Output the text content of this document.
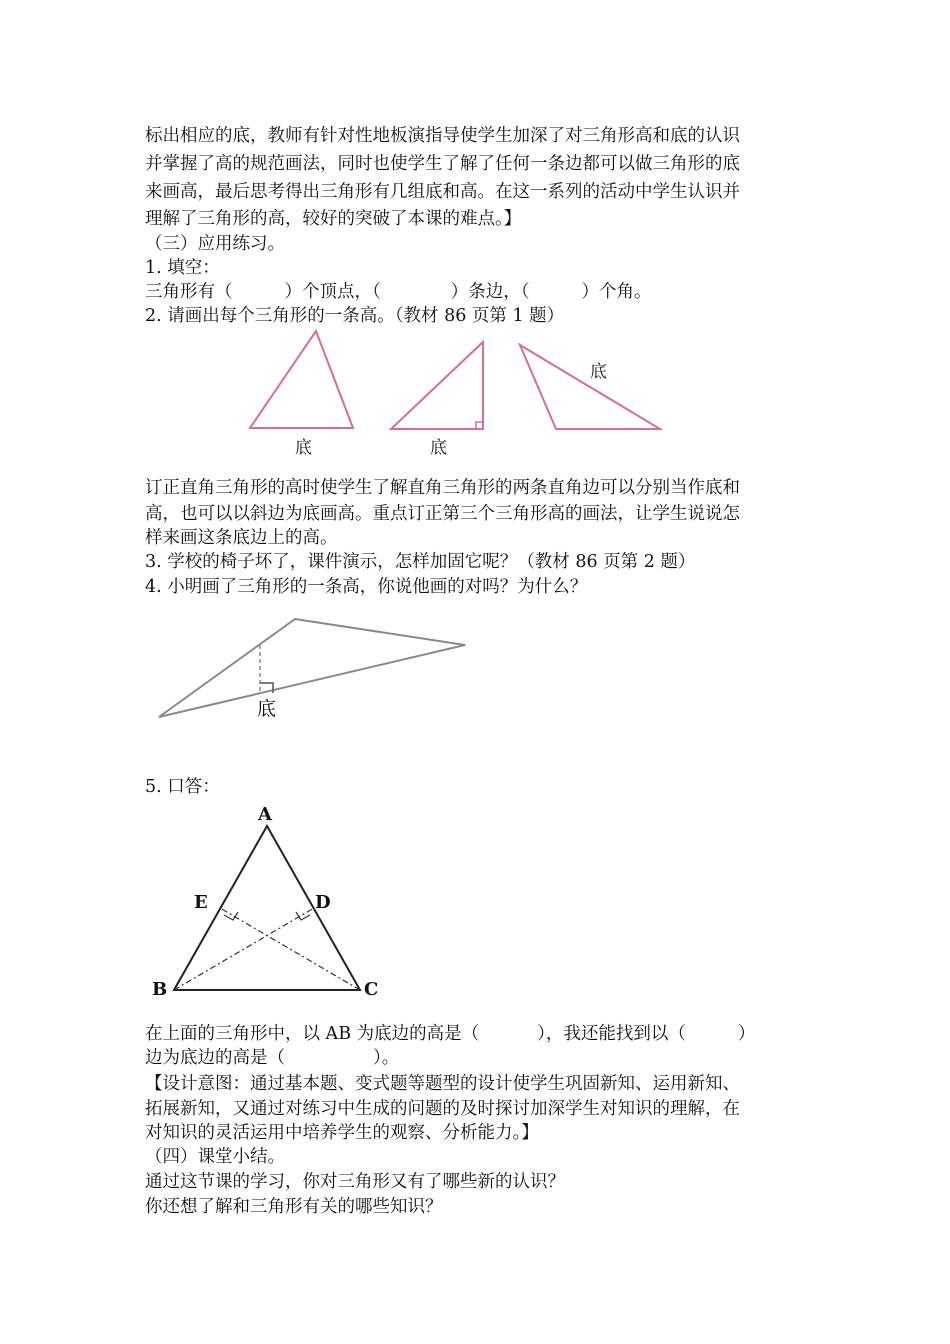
标出相应的底，教师有针对性地板演指导使学生加深了对三角形高和底的认识
并掌握了高的规范画法，同时也使学生了解了任何一条边都可以做三角形的底
来画高，最后思考得出三角形有几组底和高。在这一系列的活动中学生认识并
理解了三角形的高，较好的突破了本课的难点。】
（三）应用练习。
1. 填空：
三角形有（	）个顶点，（	）条边，（	）个角。
2. 请画出每个三角形的一条高。（教材 86 页第 1 题）
底	底
底
订正直角三角形的高时使学生了解直角三角形的两条直角边可以分别当作底和
高，也可以以斜边为底画高。重点订正第三个三角形高的画法，让学生说说怎
样来画这条底边上的高。
3. 学校的椅子坏了，课件演示，怎样加固它呢？（教材 86 页第 2 题）
4. 小明画了三角形的一条高，你说他画的对吗？为什么？
底
5. 口答：
A
B	C
D
E
在上面的三角形中，以 AB 为底边的高是（	），我还能找到以（	）
边为底边的高是（	）。
【设计意图：通过基本题、变式题等题型的设计使学生巩固新知、运用新知、
拓展新知，又通过对练习中生成的问题的及时探讨加深学生对知识的理解，在
对知识的灵活运用中培养学生的观察、分析能力。】
（四）课堂小结。
通过这节课的学习，你对三角形又有了哪些新的认识？
你还想了解和三角形有关的哪些知识？
